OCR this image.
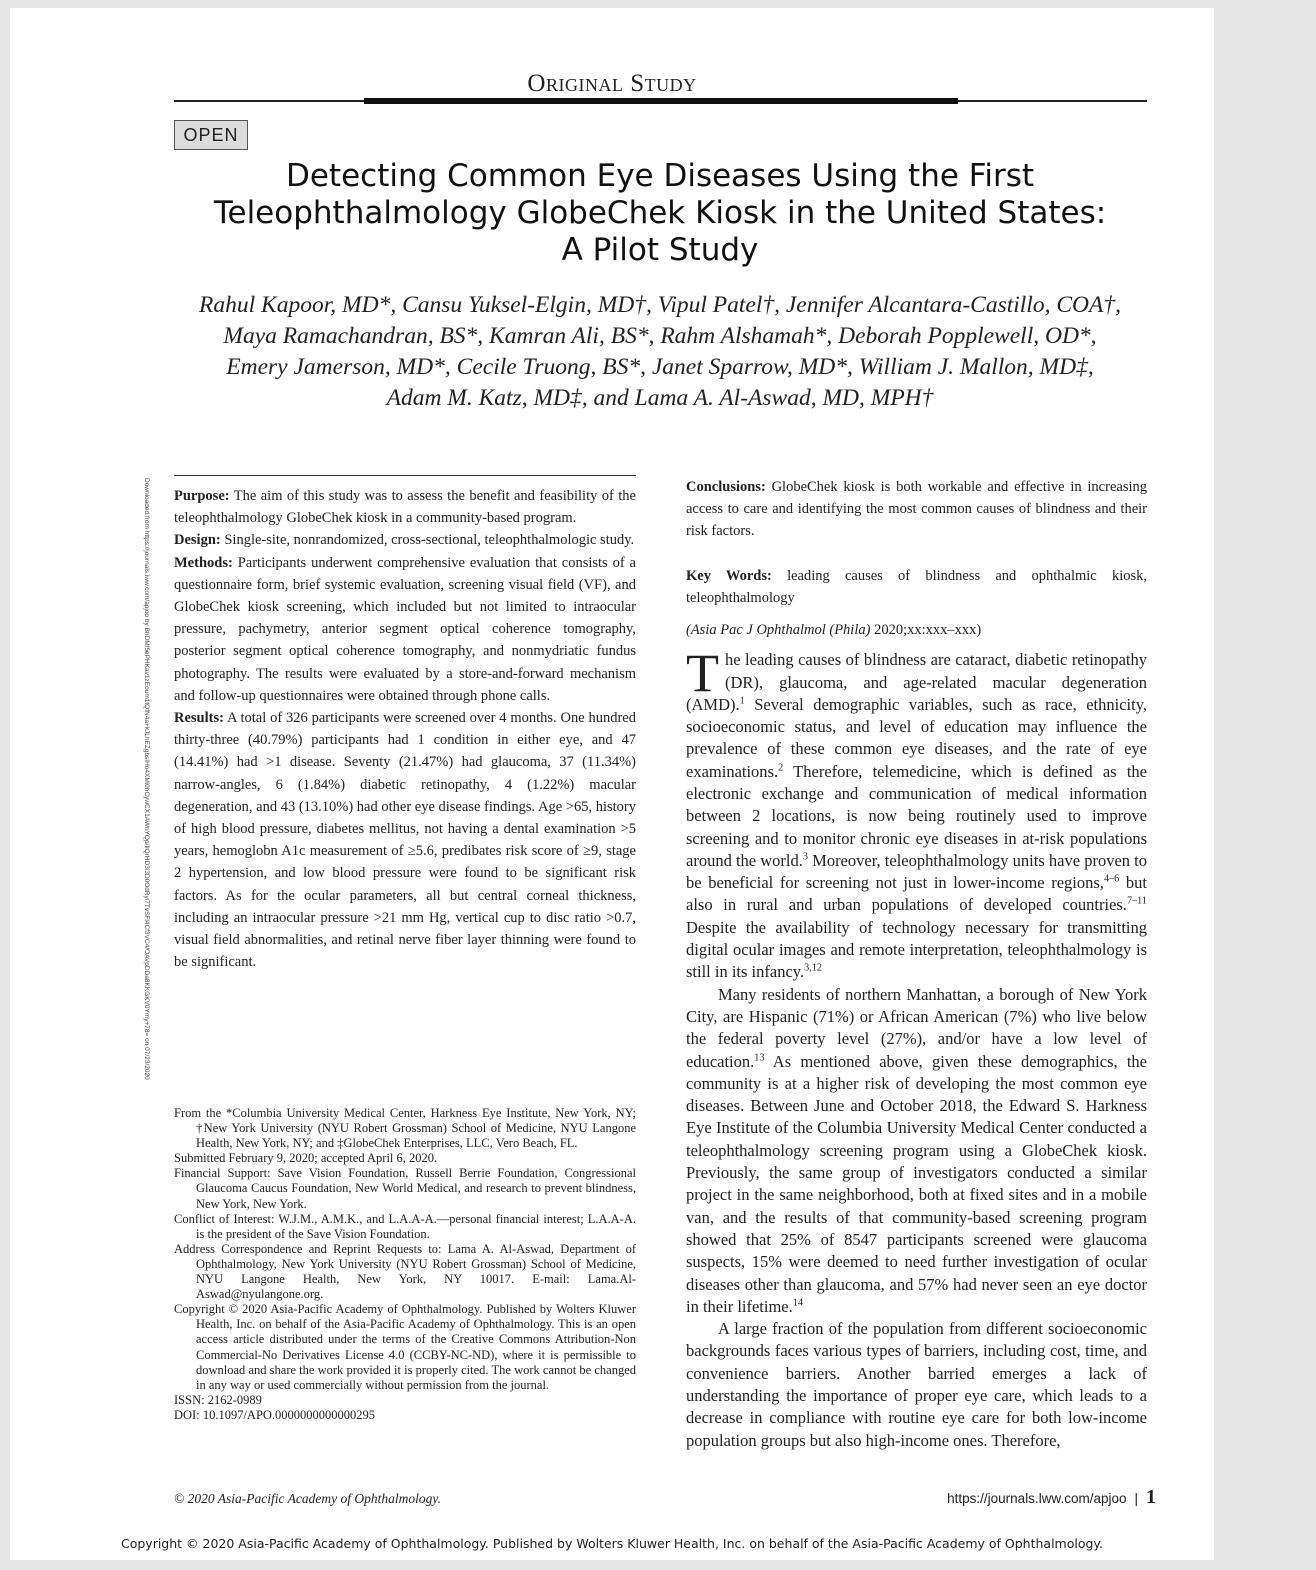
Original Study
OPEN
Detecting Common Eye Diseases Using the First
Teleophthalmology GlobeChek Kiosk in the United States:
A Pilot Study
Rahul Kapoor, MD*, Cansu Yuksel-Elgin, MD†, Vipul Patel†, Jennifer Alcantara-Castillo, COA†,
Maya Ramachandran, BS*, Kamran Ali, BS*, Rahm Alshamah*, Deborah Popplewell, OD*,
Emery Jamerson, MD*, Cecile Truong, BS*, Janet Sparrow, MD*, William J. Mallon, MD‡,
Adam M. Katz, MD‡, and Lama A. Al-Aswad, MD, MPH†
Downloaded from https://journals.lww.com/apjoo by BhDMf5ePHKav1zEoum1tQfN4a+kJLhEZgbsIHo4XMi0hCywCX1AWnYQp/IlQrHD3i3D0OdRyi7TvSFl4Cf3VC4/OAVpDDa8KKGKV0Ymy+78= on 07/23/2020 Purpose: The aim of this study was to assess the benefit and feasibility of the teleophthalmology GlobeChek kiosk in a community-based program.

Design: Single-site, nonrandomized, cross-sectional, teleophthalmologic study.

Methods: Participants underwent comprehensive evaluation that consists of a questionnaire form, brief systemic evaluation, screening visual field (VF), and GlobeChek kiosk screening, which included but not limited to intraocular pressure, pachymetry, anterior segment optical coherence tomography, posterior segment optical coherence tomography, and nonmydriatic fundus photography. The results were evaluated by a store-and-forward mechanism and follow-up questionnaires were obtained through phone calls.

Results: A total of 326 participants were screened over 4 months. One hundred thirty-three (40.79%) participants had 1 condition in either eye, and 47 (14.41%) had >1 disease. Seventy (21.47%) had glaucoma, 37 (11.34%) narrow-angles, 6 (1.84%) diabetic retinopathy, 4 (1.22%) macular degeneration, and 43 (13.10%) had other eye disease findings. Age >65, history of high blood pressure, diabetes mellitus, not having a dental examination >5 years, hemoglobn A1c measurement of ≥5.6, predibates risk score of ≥9, stage 2 hypertension, and low blood pressure were found to be significant risk factors. As for the ocular parameters, all but central corneal thickness, including an intraocular pressure >21 mm Hg, vertical cup to disc ratio >0.7, visual field abnormalities, and retinal nerve fiber layer thinning were found to be significant.

From the *Columbia University Medical Center, Harkness Eye Institute, New York, NY; †New York University (NYU Robert Grossman) School of Medicine, NYU Langone Health, New York, NY; and ‡GlobeChek Enterprises, LLC, Vero Beach, FL.

Submitted February 9, 2020; accepted April 6, 2020.

Financial Support: Save Vision Foundation, Russell Berrie Foundation, Congressional Glaucoma Caucus Foundation, New World Medical, and research to prevent blindness, New York, New York.

Conflict of Interest: W.J.M., A.M.K., and L.A.A-A.—personal financial interest; L.A.A-A. is the president of the Save Vision Foundation.

Address Correspondence and Reprint Requests to: Lama A. Al-Aswad, Department of Ophthalmology, New York University (NYU Robert Grossman) School of Medicine, NYU Langone Health, New York, NY 10017. E-mail: Lama.Al-Aswad@nyulangone.org.

Copyright © 2020 Asia-Pacific Academy of Ophthalmology. Published by Wolters Kluwer Health, Inc. on behalf of the Asia-Pacific Academy of Ophthalmology. This is an open access article distributed under the terms of the Creative Commons Attribution-Non Commercial-No Derivatives License 4.0 (CCBY-NC-ND), where it is permissible to download and share the work provided it is properly cited. The work cannot be changed in any way or used commercially without permission from the journal.

ISSN: 2162-0989

DOI: 10.1097/APO.0000000000000295

Conclusions: GlobeChek kiosk is both workable and effective in increasing access to care and identifying the most common causes of blindness and their risk factors.

Key Words: leading causes of blindness and ophthalmic kiosk, teleophthalmology

(Asia Pac J Ophthalmol (Phila) 2020;xx:xxx–xxx)

The leading causes of blindness are cataract, diabetic retinopathy (DR), glaucoma, and age-related macular degeneration (AMD).$^1$ Several demographic variables, such as race, ethnicity, socioeconomic status, and level of education may influence the prevalence of these common eye diseases, and the rate of eye examinations.$^2$ Therefore, telemedicine, which is defined as the electronic exchange and communication of medical information between 2 locations, is now being routinely used to improve screening and to monitor chronic eye diseases in at-risk populations around the world.$^3$ Moreover, teleophthalmology units have proven to be beneficial for screening not just in lower-income regions,$^{4-6}$ but also in rural and urban populations of developed countries.$^{7-11}$ Despite the availability of technology necessary for transmitting digital ocular images and remote interpretation, teleophthalmology is still in its infancy.$^{3,12}$

Many residents of northern Manhattan, a borough of New York City, are Hispanic (71%) or African American (7%) who live below the federal poverty level (27%), and/or have a low level of education.$^{13}$ As mentioned above, given these demographics, the community is at a higher risk of developing the most common eye diseases. Between June and October 2018, the Edward S. Harkness Eye Institute of the Columbia University Medical Center conducted a teleophthalmology screening program using a GlobeChek kiosk. Previously, the same group of investigators conducted a similar project in the same neighborhood, both at fixed sites and in a mobile van, and the results of that community-based screening program showed that 25% of 8547 participants screened were glaucoma suspects, 15% were deemed to need further investigation of ocular diseases other than glaucoma, and 57% had never seen an eye doctor in their lifetime.$^{14}$

A large fraction of the population from different socioeconomic backgrounds faces various types of barriers, including cost, time, and convenience barriers. Another barried emerges a lack of understanding the importance of proper eye care, which leads to a decrease in compliance with routine eye care for both low-income population groups but also high-income ones. Therefore,

© 2020 Asia-Pacific Academy of Ophthalmology.	https://journals.lww.com/apjoo | 1
Copyright © 2020 Asia-Pacific Academy of Ophthalmology. Published by Wolters Kluwer Health, Inc. on behalf of the Asia-Pacific Academy of Ophthalmology.
